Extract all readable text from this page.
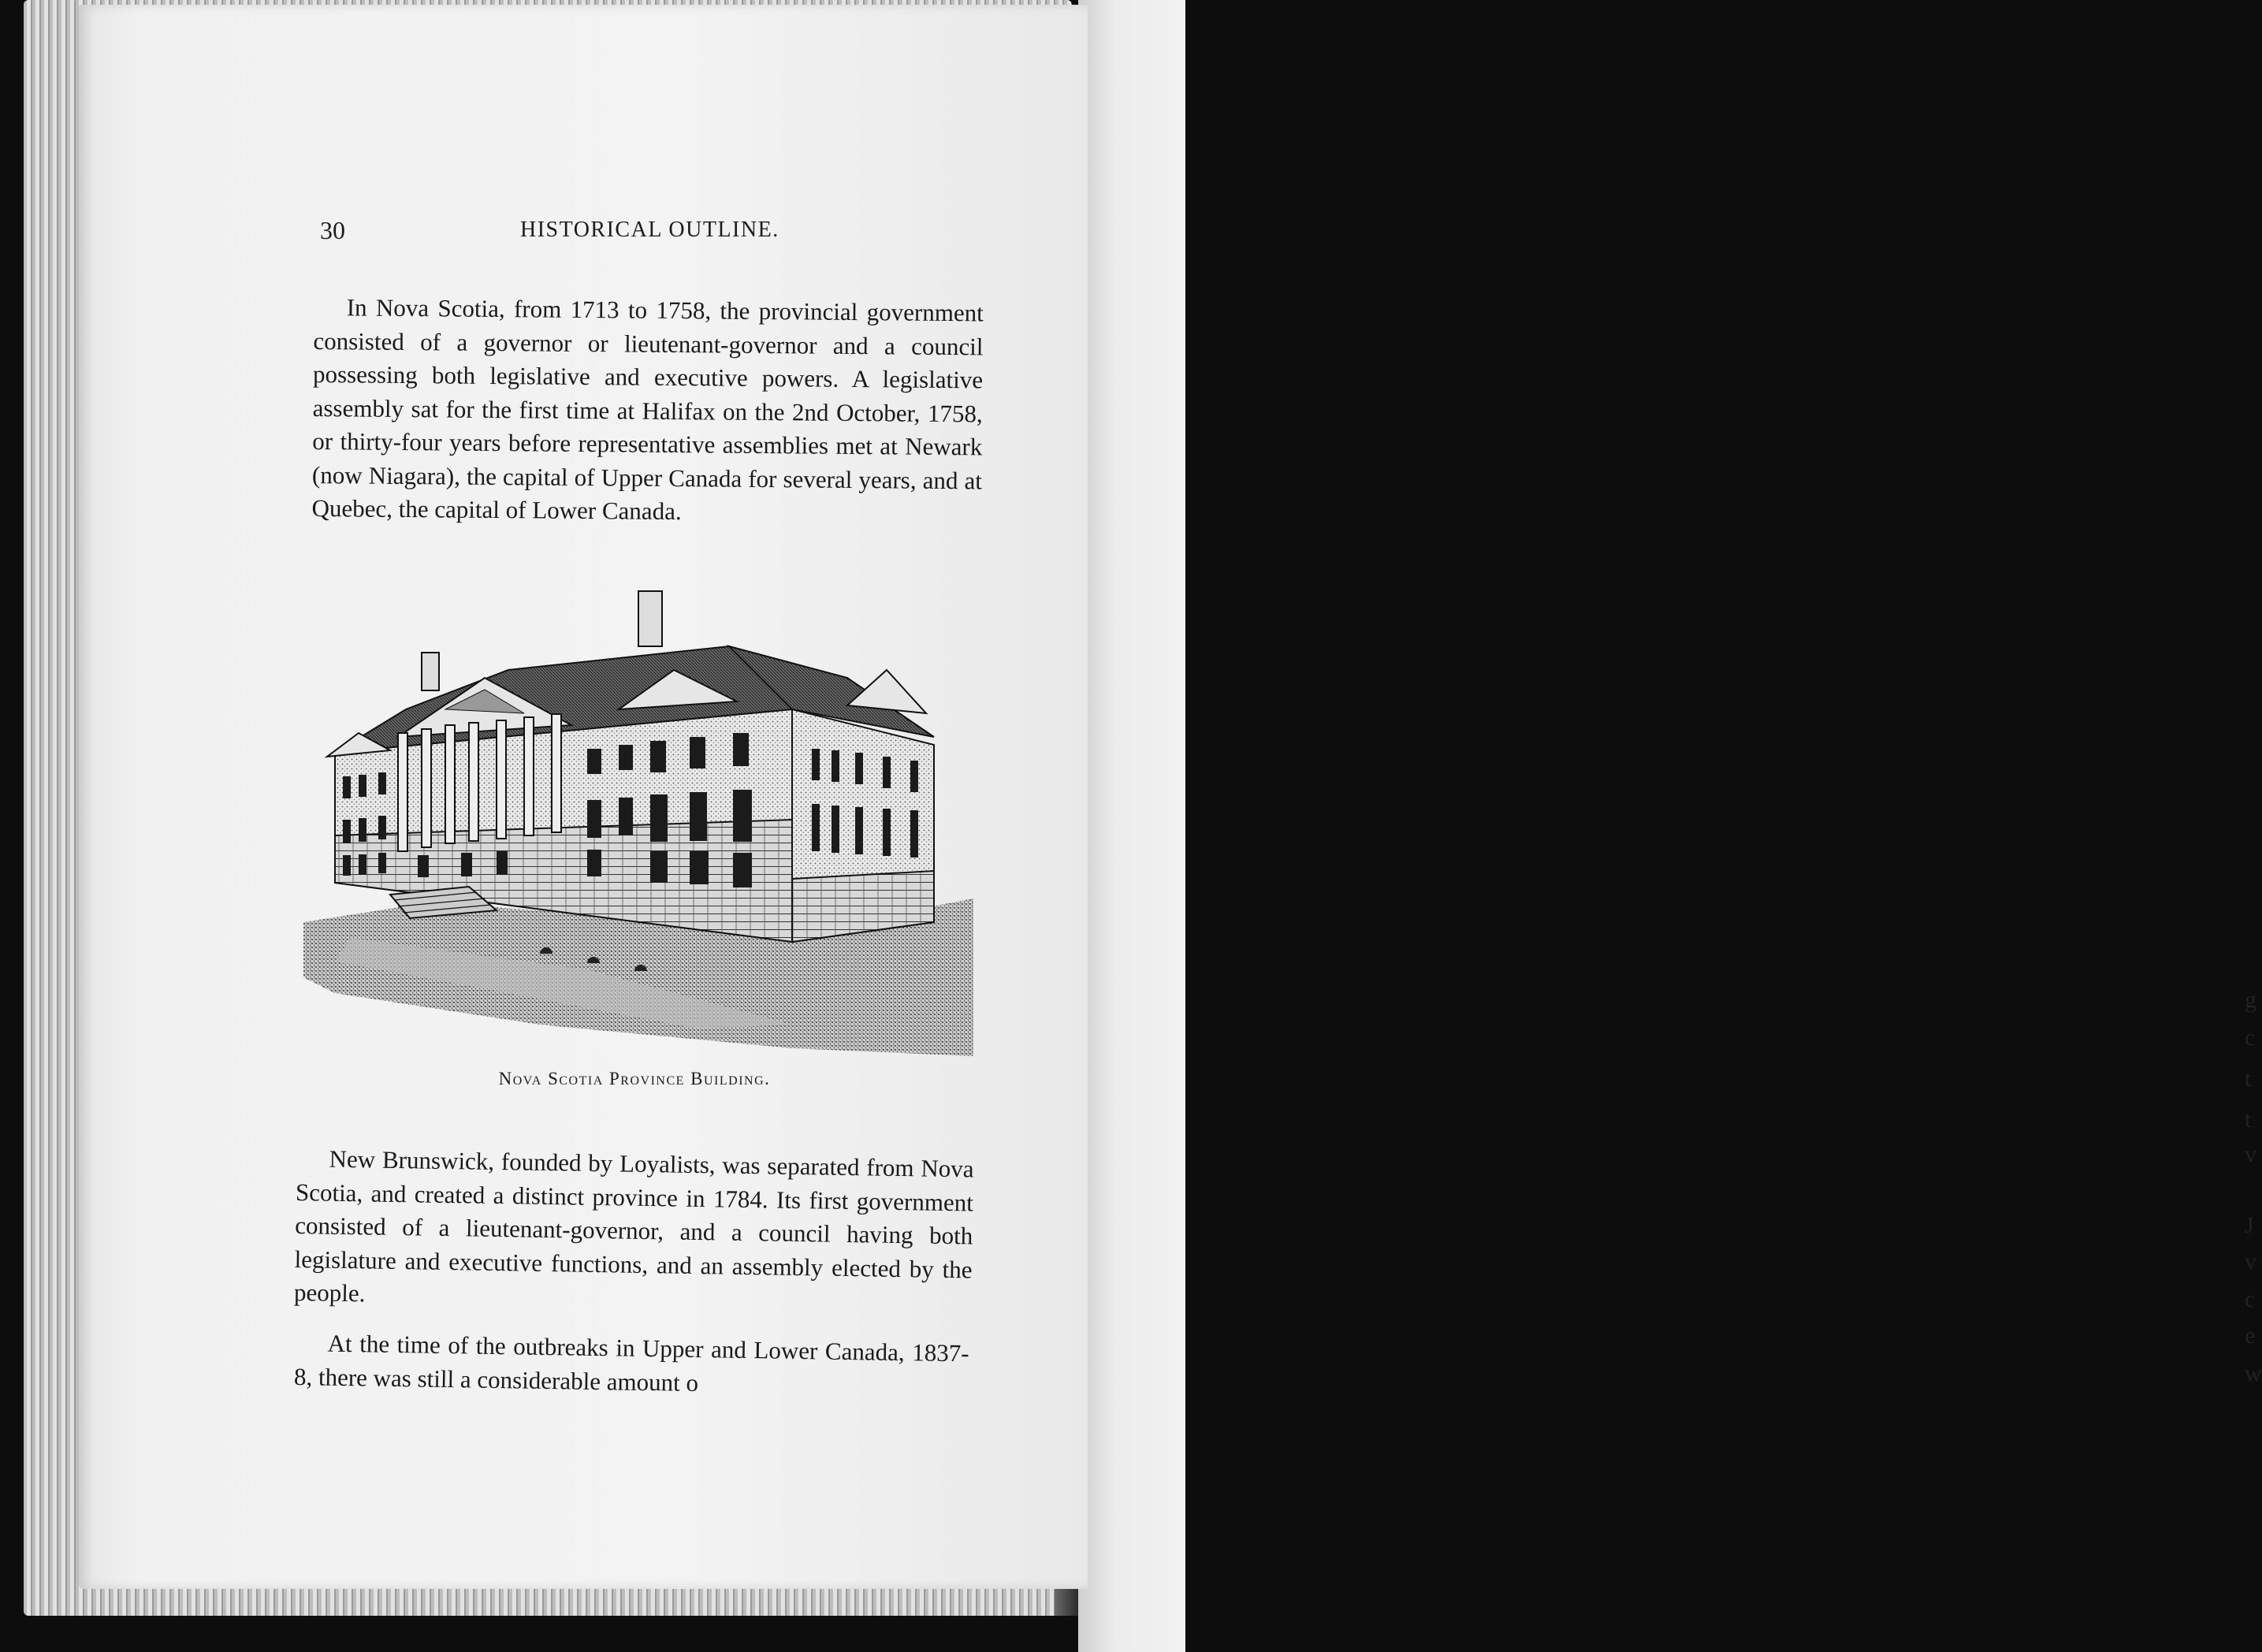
g
c
t
t
v
J
v
c
e
w
30	HISTORICAL OUTLINE.

In Nova Scotia, from 1713 to 1758, the provincial government consisted of a governor or lieutenant-governor and a council possessing both legislative and executive powers. A legislative assembly sat for the first time at Halifax on the 2nd October, 1758, or thirty-four years before representative assemblies met at Newark (now Niagara), the capital of Upper Canada for several years, and at Quebec, the capital of Lower Canada.

Nova Scotia Province Building.

New Brunswick, founded by Loyalists, was separated from Nova Scotia, and created a distinct province in 1784. Its first government consisted of a lieutenant-governor, and a council having both legislature and executive functions, and an assembly elected by the people.

At the time of the outbreaks in Upper and Lower Canada, 1837-8, there was still a considerable amount o
